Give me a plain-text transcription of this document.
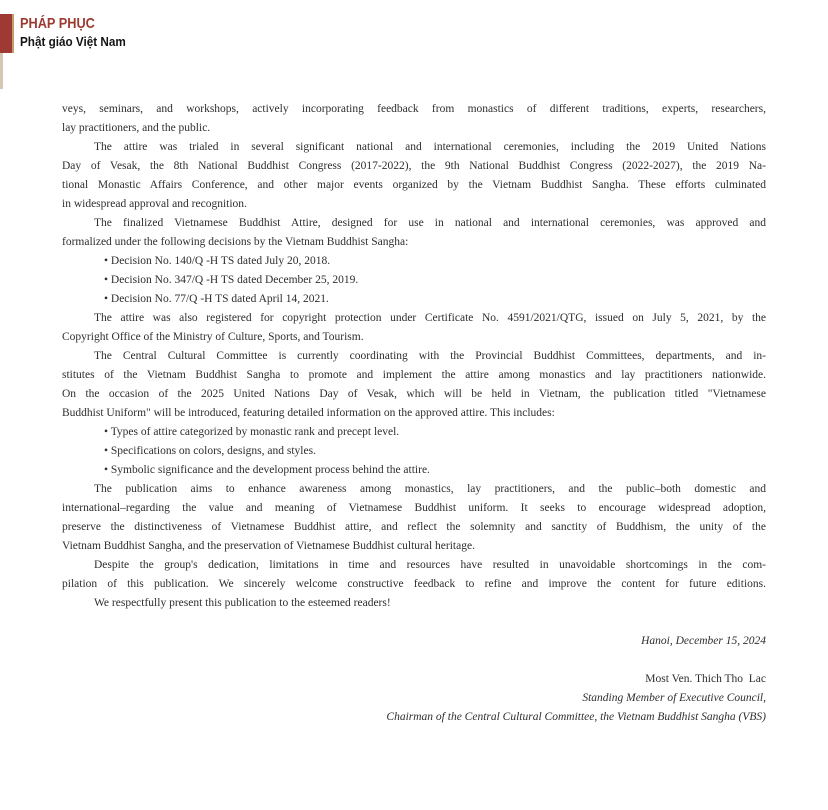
PHÁP PHỤC
Phật giáo Việt Nam
veys, seminars, and workshops, actively incorporating feedback from monastics of different traditions, experts, researchers,
lay practitioners, and the public.
The attire was trialed in several significant national and international ceremonies, including the 2019 United Nations
Day of Vesak, the 8th National Buddhist Congress (2017-2022), the 9th National Buddhist Congress (2022-2027), the 2019 Na-
tional Monastic Affairs Conference, and other major events organized by the Vietnam Buddhist Sangha. These efforts culminated
in widespread approval and recognition.
The finalized Vietnamese Buddhist Attire, designed for use in national and international ceremonies, was approved and
formalized under the following decisions by the Vietnam Buddhist Sangha:
• Decision No. 140/Q -H TS dated July 20, 2018.
• Decision No. 347/Q -H TS dated December 25, 2019.
• Decision No. 77/Q -H TS dated April 14, 2021.
The attire was also registered for copyright protection under Certificate No. 4591/2021/QTG, issued on July 5, 2021, by the
Copyright Office of the Ministry of Culture, Sports, and Tourism.
The Central Cultural Committee is currently coordinating with the Provincial Buddhist Committees, departments, and in-
stitutes of the Vietnam Buddhist Sangha to promote and implement the attire among monastics and lay practitioners nationwide.
On the occasion of the 2025 United Nations Day of Vesak, which will be held in Vietnam, the publication titled "Vietnamese
Buddhist Uniform" will be introduced, featuring detailed information on the approved attire. This includes:
• Types of attire categorized by monastic rank and precept level.
• Specifications on colors, designs, and styles.
• Symbolic significance and the development process behind the attire.
The publication aims to enhance awareness among monastics, lay practitioners, and the public–both domestic and
international–regarding the value and meaning of Vietnamese Buddhist uniform. It seeks to encourage widespread adoption,
preserve the distinctiveness of Vietnamese Buddhist attire, and reflect the solemnity and sanctity of Buddhism, the unity of the
Vietnam Buddhist Sangha, and the preservation of Vietnamese Buddhist cultural heritage.
Despite the group's dedication, limitations in time and resources have resulted in unavoidable shortcomings in the com-
pilation of this publication. We sincerely welcome constructive feedback to refine and improve the content for future editions.
We respectfully present this publication to the esteemed readers!
Hanoi, December 15, 2024
Most Ven. Thich Tho  Lac
Standing Member of Executive Council,
Chairman of the Central Cultural Committee, the Vietnam Buddhist Sangha (VBS)
